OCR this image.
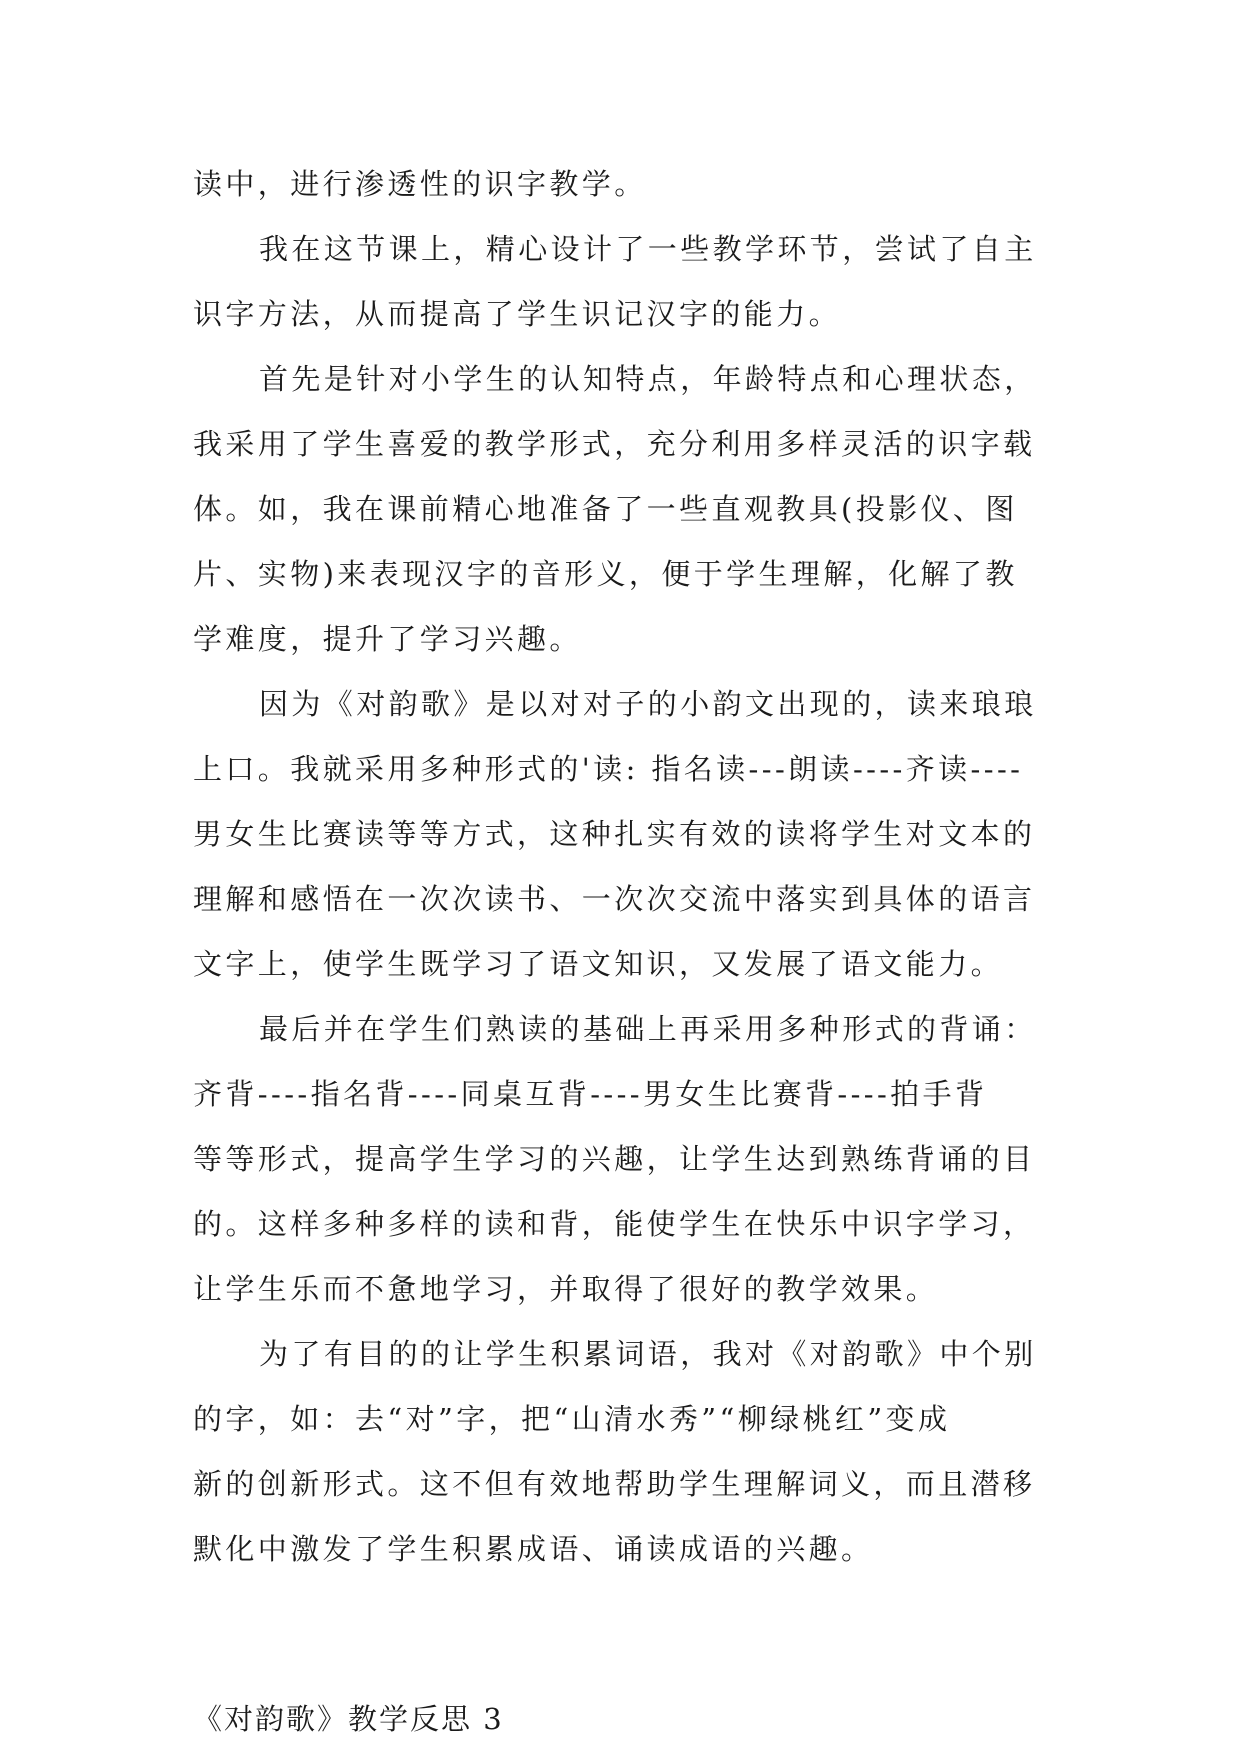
读中，进行渗透性的识字教学。
我在这节课上，精心设计了一些教学环节，尝试了自主
识字方法，从而提高了学生识记汉字的能力。
首先是针对小学生的认知特点，年龄特点和心理状态，
我采用了学生喜爱的教学形式，充分利用多样灵活的识字载
体。如，我在课前精心地准备了一些直观教具(投影仪、图
片、实物)来表现汉字的音形义，便于学生理解，化解了教
学难度，提升了学习兴趣。
因为《对韵歌》是以对对子的小韵文出现的，读来琅琅
上口。我就采用多种形式的'读: 指名读---朗读----齐读----
男女生比赛读等等方式，这种扎实有效的读将学生对文本的
理解和感悟在一次次读书、一次次交流中落实到具体的语言
文字上，使学生既学习了语文知识，又发展了语文能力。
最后并在学生们熟读的基础上再采用多种形式的背诵：
齐背----指名背----同桌互背----男女生比赛背----拍手背
等等形式，提高学生学习的兴趣，让学生达到熟练背诵的目
的。这样多种多样的读和背，能使学生在快乐中识字学习，
让学生乐而不惫地学习，并取得了很好的教学效果。
为了有目的的让学生积累词语，我对《对韵歌》中个别
的字，如：去“对”字，把“山清水秀”“柳绿桃红”变成
新的创新形式。这不但有效地帮助学生理解词义，而且潜移
默化中激发了学生积累成语、诵读成语的兴趣。
《对韵歌》教学反思 3
